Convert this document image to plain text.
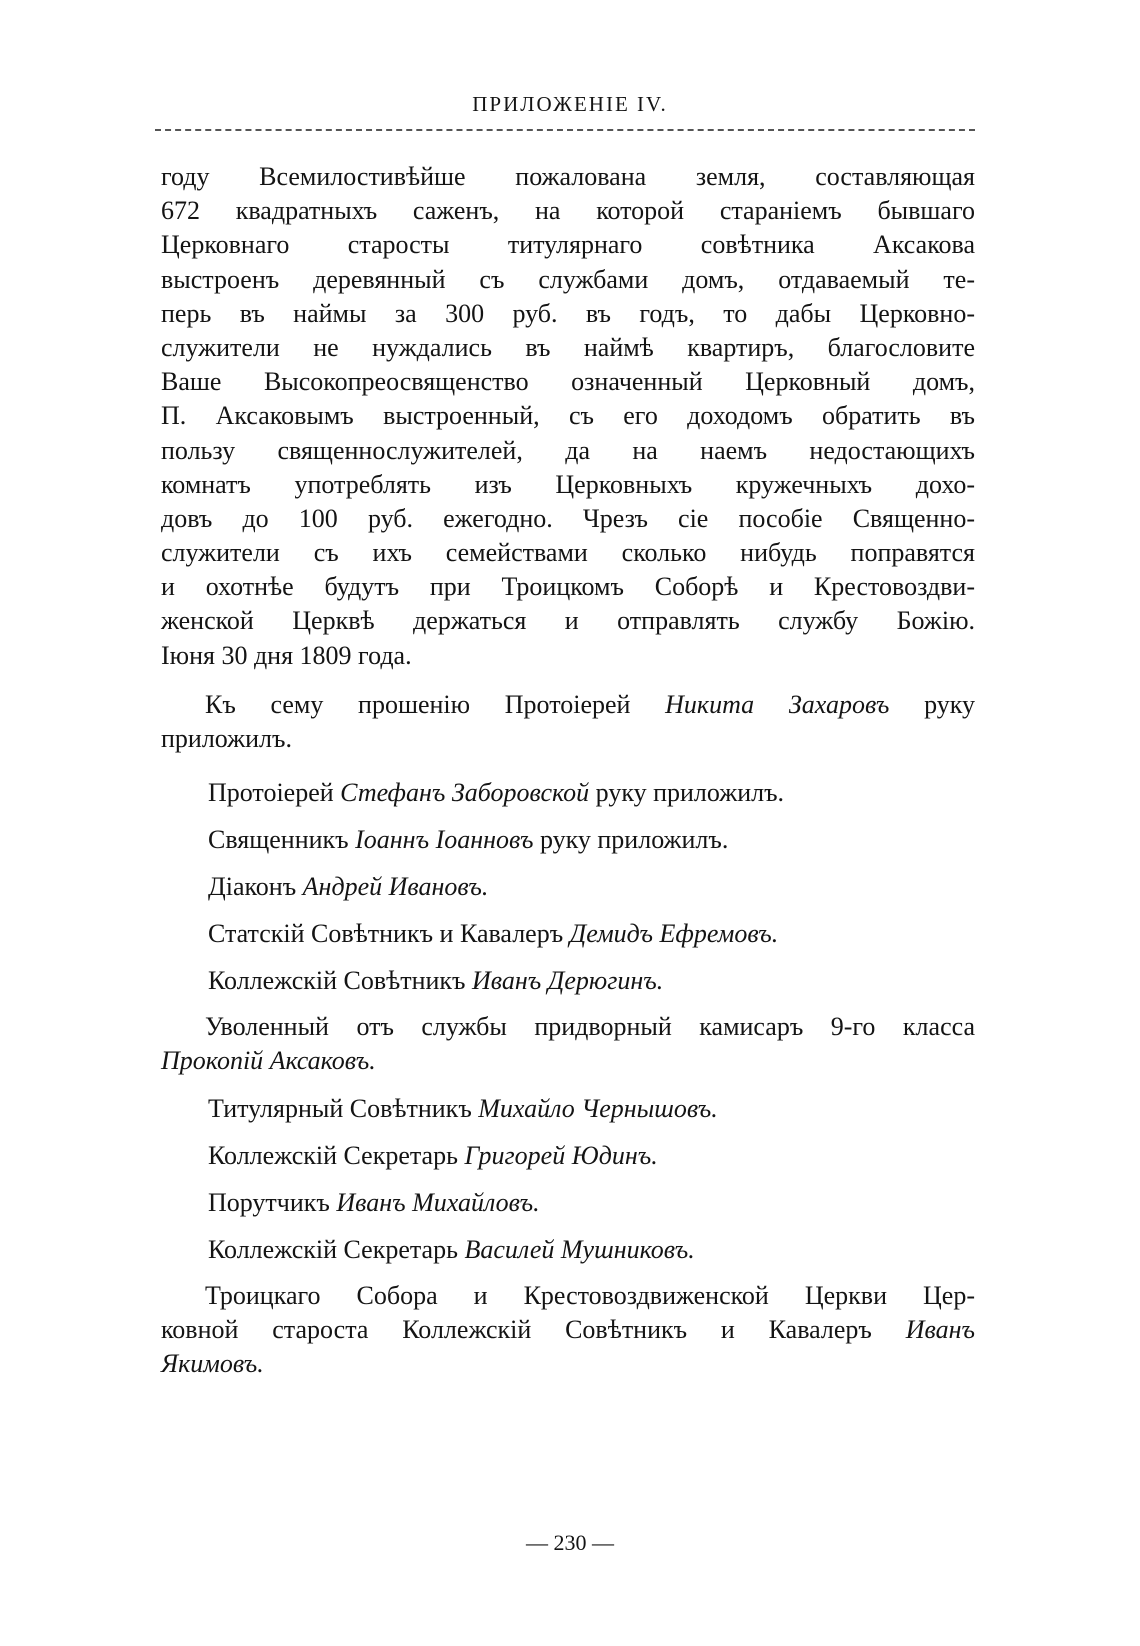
ПРИЛОЖЕНІЕ IV.
году Всемилостивѣйше пожалована земля, составляющая
672 квадратныхъ саженъ, на которой стараніемъ бывшаго
Церковнаго старосты титулярнаго совѣтника Аксакова
выстроенъ деревянный съ службами домъ, отдаваемый те-
перь въ наймы за 300 руб. въ годъ, то дабы Церковно-
служители не нуждались въ наймѣ квартиръ, благословите
Ваше Высокопреосвященство означенный Церковный домъ,
П. Аксаковымъ выстроенный, съ его доходомъ обратить въ
пользу священнослужителей, да на наемъ недостающихъ
комнатъ употреблять изъ Церковныхъ кружечныхъ дохо-
довъ до 100 руб. ежегодно. Чрезъ сіе пособіе Священно-
служители съ ихъ семействами сколько нибудь поправятся
и охотнѣе будутъ при Троицкомъ Соборѣ и Крестовоздви-
женской Церквѣ держаться и отправлять службу Божію.
Іюня 30 дня 1809 года.
Къ сему прошенію Протоіерей Никита Захаровъ руку
приложилъ.
Протоіерей Стефанъ Заборовской руку приложилъ.
Священникъ Іоаннъ Іоанновъ руку приложилъ.
Діаконъ Андрей Ивановъ.
Статскій Совѣтникъ и Кавалеръ Демидъ Ефремовъ.
Коллежскій Совѣтникъ Иванъ Дерюгинъ.
Уволенный отъ службы придворный камисаръ 9-го класса
Прокопій Аксаковъ.
Титулярный Совѣтникъ Михайло Чернышовъ.
Коллежскій Секретарь Григорей Юдинъ.
Порутчикъ Иванъ Михайловъ.
Коллежскій Секретарь Василей Мушниковъ.
Троицкаго Собора и Крестовоздвиженской Церкви Цер-
ковной староста Коллежскій Совѣтникъ и Кавалеръ Иванъ
Якимовъ.
— 230 —
